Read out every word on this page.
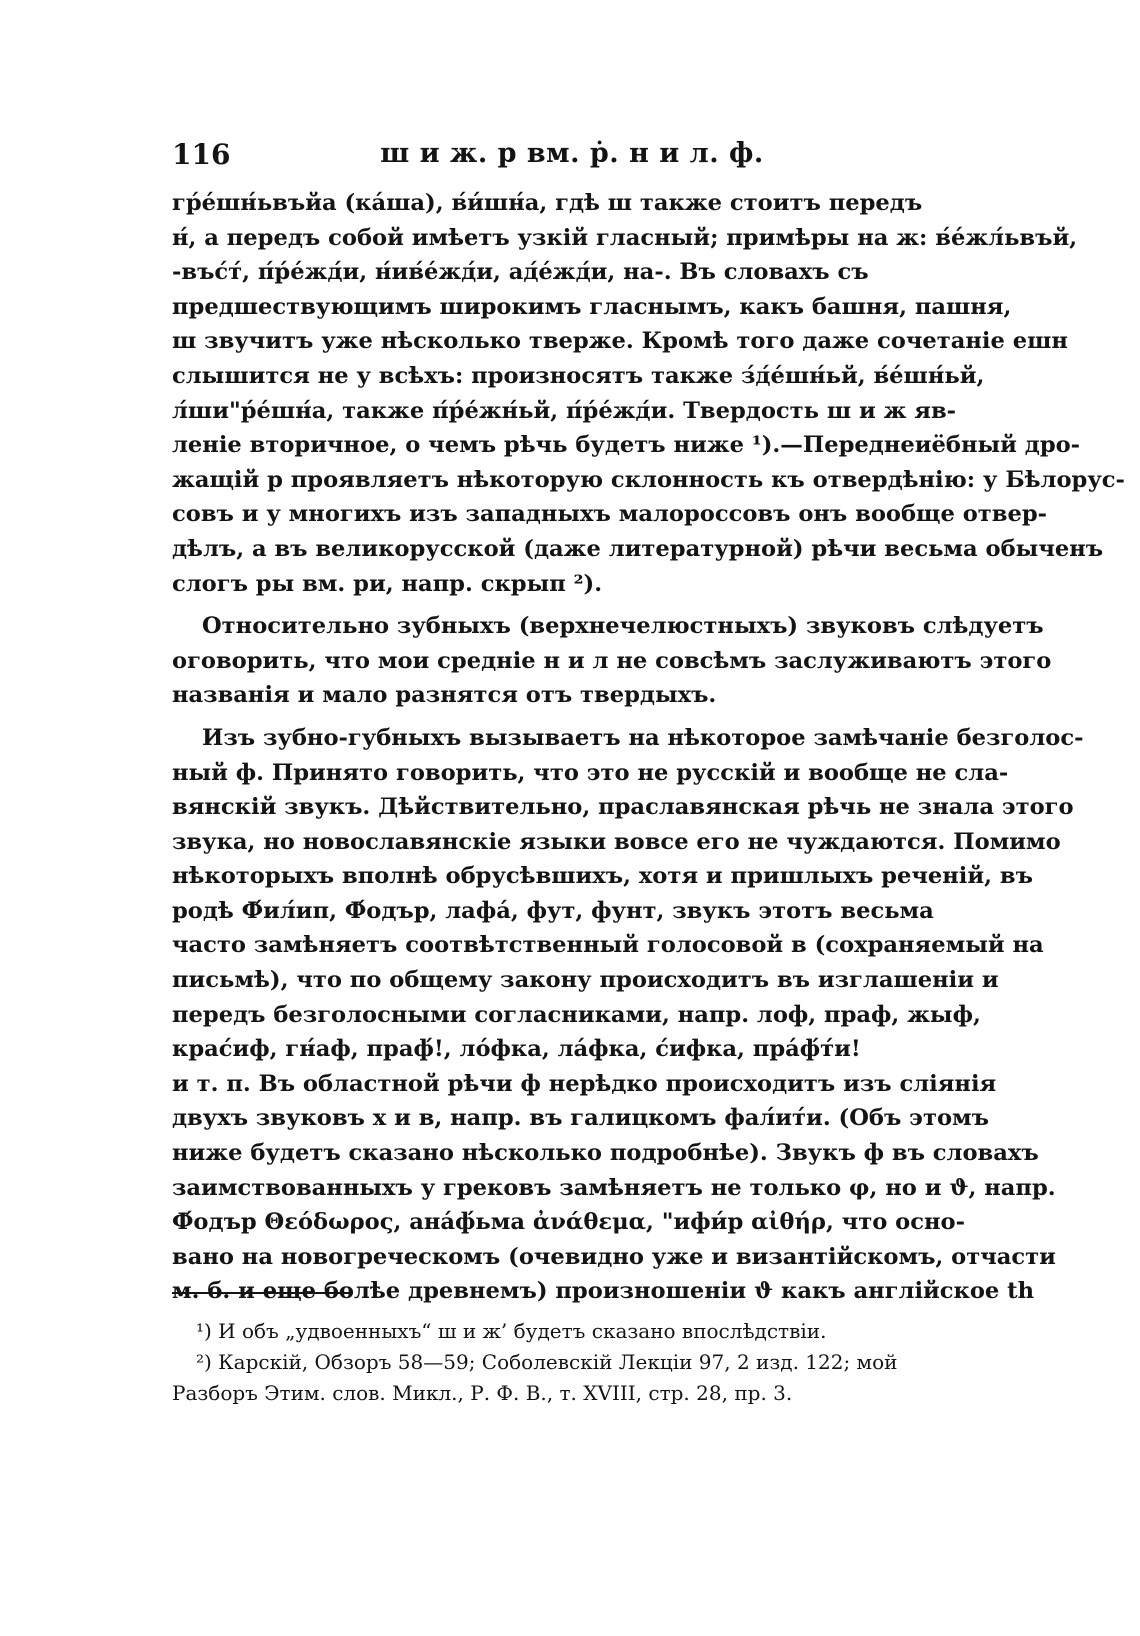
116	ш и ж. р вм. ṗ. н и л. ф.
гр́е́шн́ьвъйа (ка́ша), в́и́шн́а, гдѣ ш также стоитъ передъ
н́, а передъ собой имѣетъ узкій гласный; примѣры на ж: в́е́жл́ьвъй,
-въс́т́, п́р́е́жд́и, н́ив́е́жд́и, ад́е́жд́и, на-. Въ словахъ съ
предшествующимъ широкимъ гласнымъ, какъ башня, пашня,
ш звучитъ уже нѣсколько тверже. Кромѣ того даже сочетаніе ешн
слышится не у всѣхъ: произносятъ также з́д́е́шн́ьй, в́е́шн́ьй,
л́ши"р́е́шн́а, также п́р́е́жн́ьй, п́р́е́жд́и. Твердость ш и ж яв-
леніе вторичное, о чемъ рѣчь будетъ ниже ¹).—Переднеиёбный дро-
жащій р проявляетъ нѣкоторую склонность къ отвердѣнію: у Бѣлорус-
совъ и у многихъ изъ западныхъ малороссовъ онъ вообще отвер-
дѣлъ, а въ великорусской (даже литературной) рѣчи весьма обыченъ
слогъ ры вм. ри, напр. скрып ²).
Относительно зубныхъ (верхнечелюстныхъ) звуковъ слѣдуетъ
оговорить, что мои средніе н и л не совсѣмъ заслуживаютъ этого
названія и мало разнятся отъ твердыхъ.
Изъ зубно-губныхъ вызываетъ на нѣкоторое замѣчаніе безголос-
ный ф. Принято говорить, что это не русскій и вообще не сла-
вянскій звукъ. Дѣйствительно, праславянская рѣчь не знала этого
звука, но новославянскіе языки вовсе его не чуждаются. Помимо
нѣкоторыхъ вполнѣ обрусѣвшихъ, хотя и пришлыхъ реченій, въ
родѣ Ф́ил́ип, Ф́одър, лафа́, фут, фунт, звукъ этотъ весьма
часто замѣняетъ соотвѣтственный голосовой в (сохраняемый на
письмѣ), что по общему закону происходитъ въ изглашеніи и
передъ безголосными согласниками, напр. лоф, праф, жыф,
крас́иф, гн́аф, праф́!, ло́фка, ла́фка, с́ифка, пра́ф́т́и!
и т. п. Въ областной рѣчи ф нерѣдко происходитъ изъ сліянія
двухъ звуковъ х и в, напр. въ галицкомъ фал́ит́и. (Объ этомъ
ниже будетъ сказано нѣсколько подробнѣе). Звукъ ф въ словахъ
заимствованныхъ у грековъ замѣняетъ не только φ, но и ϑ, напр.
Ф́одър Θεόδωρος, ана́ф́ьма ἀνάθεμα, "ифи́р αἰθήρ, что осно-
вано на новогреческомъ (очевидно уже и византійскомъ, отчасти
м. б. и еще болѣе древнемъ) произношеніи ϑ какъ англійское th
¹) И объ „удвоенныхъ“ ш и ж’ будетъ сказано впослѣдствіи.
²) Карскій, Обзоръ 58—59; Соболевскій Лекціи 97, 2 изд. 122; мой
Разборъ Этим. слов. Микл., Р. Ф. В., т. XVIII, стр. 28, пр. 3.
